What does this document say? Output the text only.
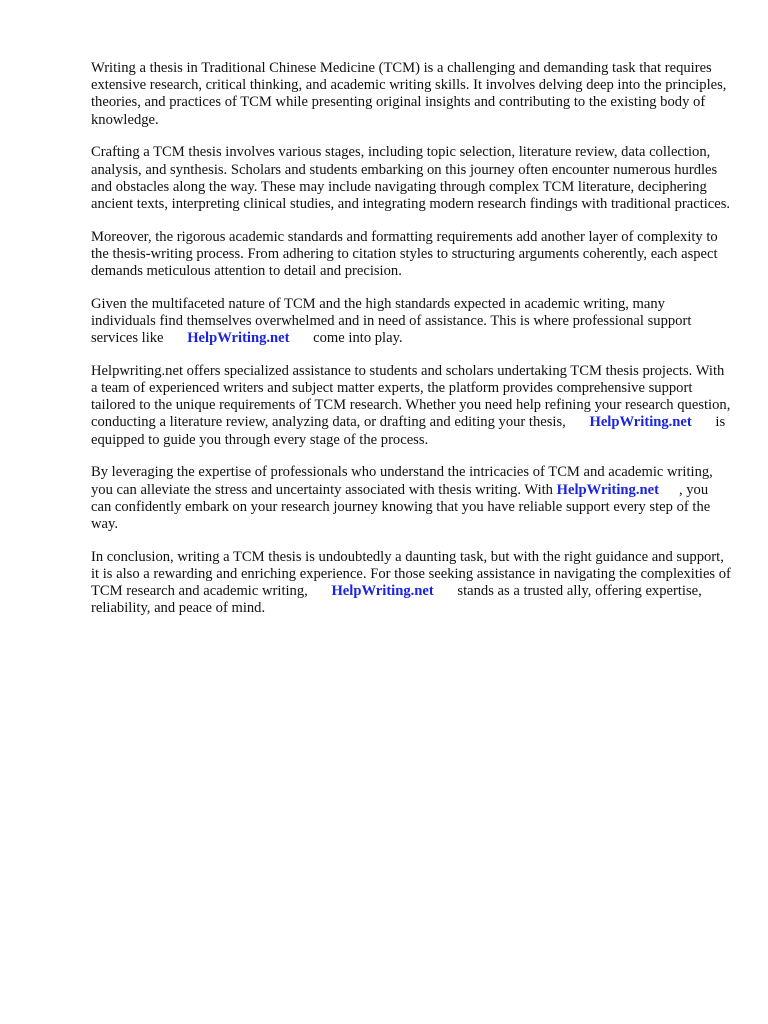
Writing a thesis in Traditional Chinese Medicine (TCM) is a challenging and demanding task that requires extensive research, critical thinking, and academic writing skills. It involves delving deep into the principles, theories, and practices of TCM while presenting original insights and contributing to the existing body of knowledge.

Crafting a TCM thesis involves various stages, including topic selection, literature review, data collection, analysis, and synthesis. Scholars and students embarking on this journey often encounter numerous hurdles and obstacles along the way. These may include navigating through complex TCM literature, deciphering ancient texts, interpreting clinical studies, and integrating modern research findings with traditional practices.

Moreover, the rigorous academic standards and formatting requirements add another layer of complexity to the thesis-writing process. From adhering to citation styles to structuring arguments coherently, each aspect demands meticulous attention to detail and precision.

Given the multifaceted nature of TCM and the high standards expected in academic writing, many individuals find themselves overwhelmed and in need of assistance. This is where professional support services like HelpWriting.net come into play.

Helpwriting.net offers specialized assistance to students and scholars undertaking TCM thesis projects. With a team of experienced writers and subject matter experts, the platform provides comprehensive support tailored to the unique requirements of TCM research. Whether you need help refining your research question, conducting a literature review, analyzing data, or drafting and editing your thesis, HelpWriting.net is equipped to guide you through every stage of the process.

By leveraging the expertise of professionals who understand the intricacies of TCM and academic writing, you can alleviate the stress and uncertainty associated with thesis writing. With HelpWriting.net , you can confidently embark on your research journey knowing that you have reliable support every step of the way.

In conclusion, writing a TCM thesis is undoubtedly a daunting task, but with the right guidance and support, it is also a rewarding and enriching experience. For those seeking assistance in navigating the complexities of TCM research and academic writing, HelpWriting.net stands as a trusted ally, offering expertise, reliability, and peace of mind.
